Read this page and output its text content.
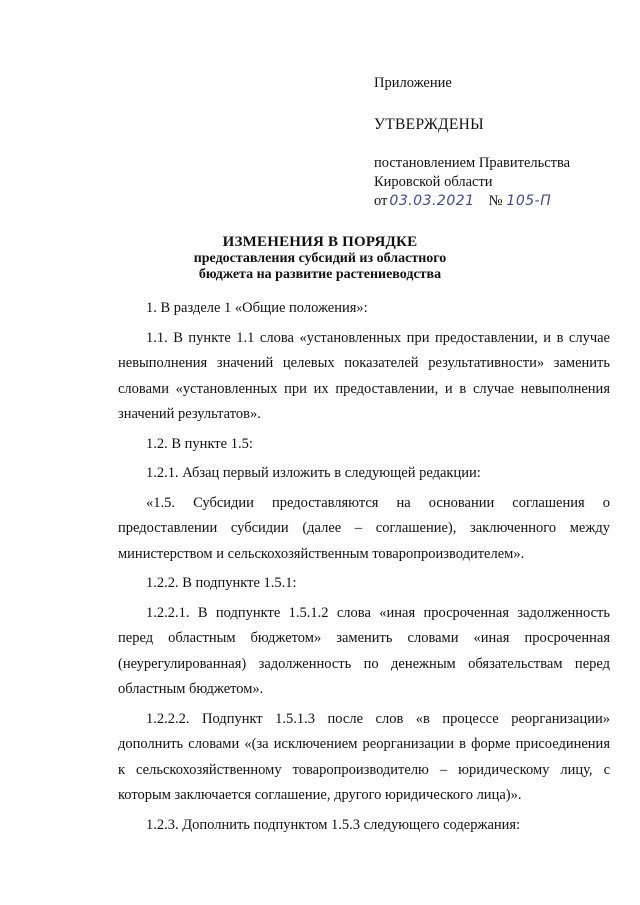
Приложение

УТВЕРЖДЕНЫ

постановлением Правительства

Кировской области

от 03.03.2021 № 105-П

ИЗМЕНЕНИЯ В ПОРЯДКЕ

предоставления субсидий из областного

бюджета на развитие растениеводства

1. В разделе 1 «Общие положения»:

1.1. В пункте 1.1 слова «установленных при предоставлении, и в случае невыполнения значений целевых показателей результативности» заменить словами «установленных при их предоставлении, и в случае невыполнения значений результатов».

1.2. В пункте 1.5:

1.2.1. Абзац первый изложить в следующей редакции:

«1.5. Субсидии предоставляются на основании соглашения о предоставлении субсидии (далее – соглашение), заключенного между министерством и сельскохозяйственным товаропроизводителем».

1.2.2. В подпункте 1.5.1:

1.2.2.1. В подпункте 1.5.1.2 слова «иная просроченная задолженность перед областным бюджетом» заменить словами «иная просроченная (неурегулированная) задолженность по денежным обязательствам перед областным бюджетом».

1.2.2.2. Подпункт 1.5.1.3 после слов «в процессе реорганизации» дополнить словами «(за исключением реорганизации в форме присоединения к сельскохозяйственному товаропроизводителю – юридическому лицу, с которым заключается соглашение, другого юридического лица)».

1.2.3. Дополнить подпунктом 1.5.3 следующего содержания:
